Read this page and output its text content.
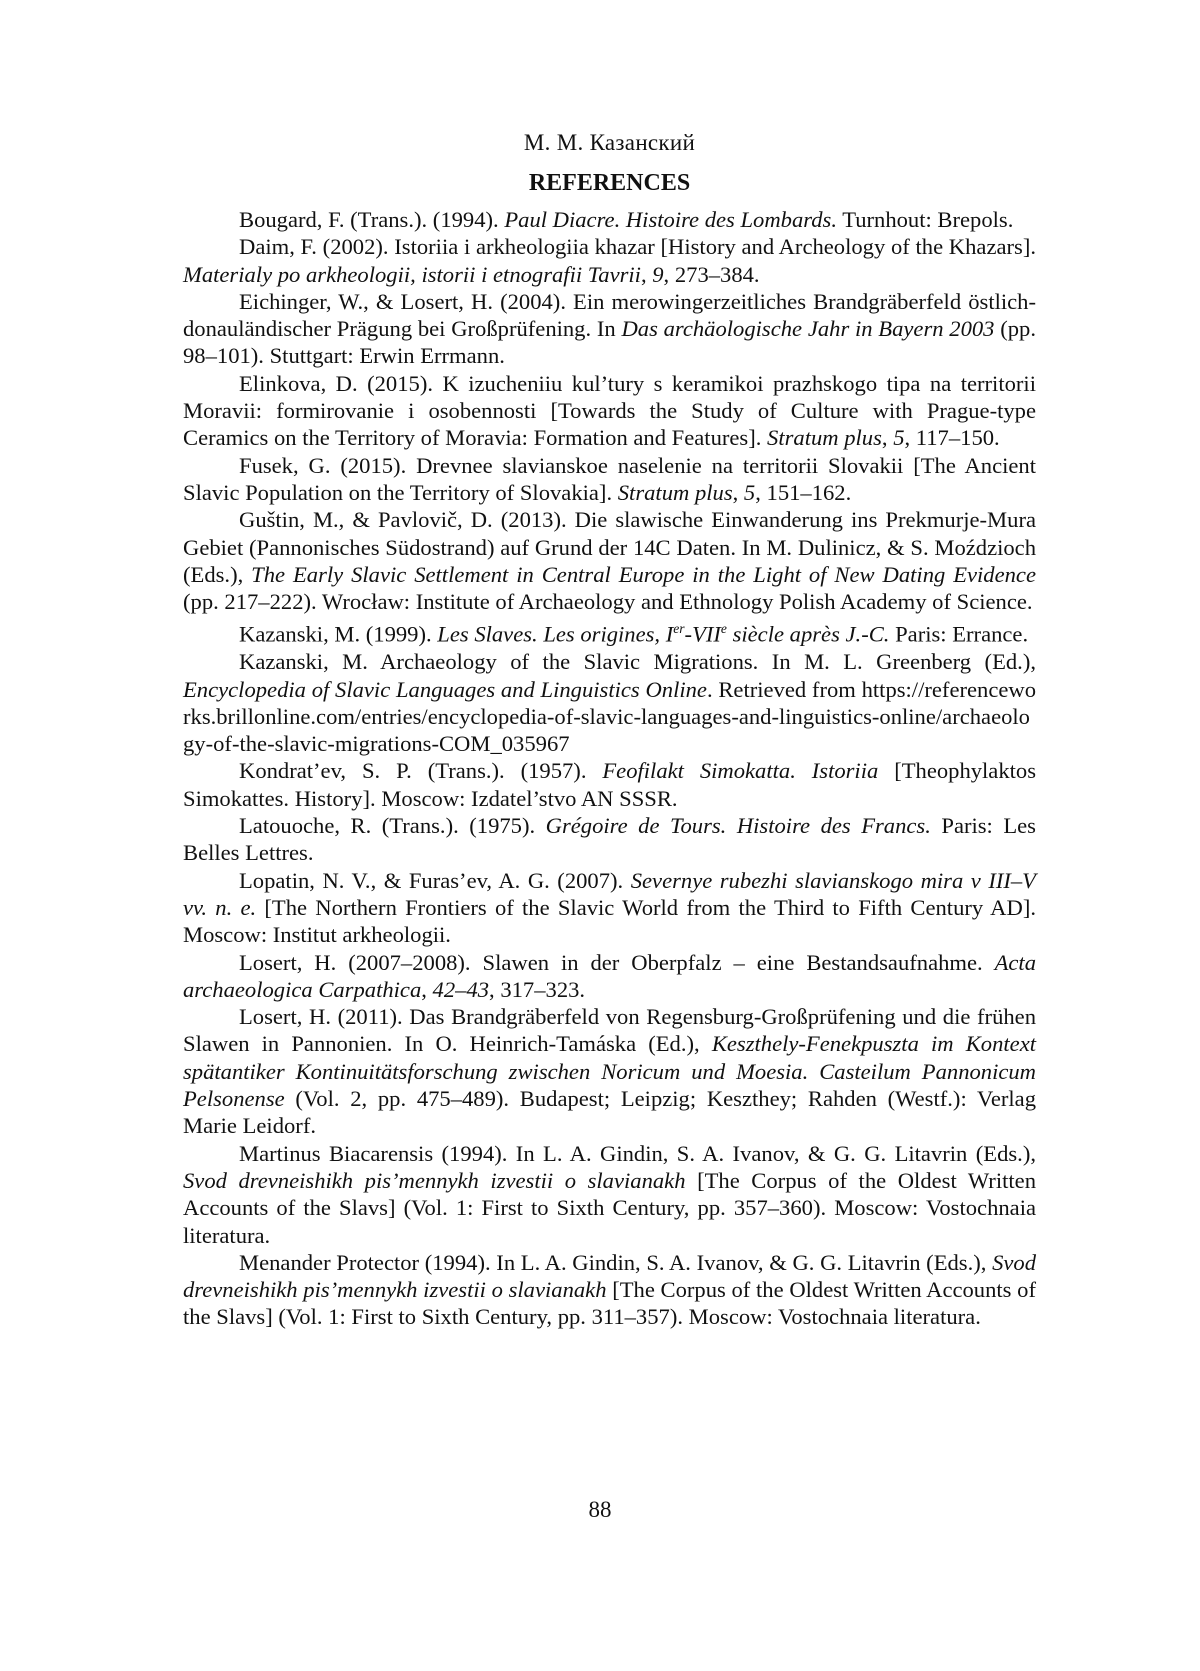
М. М. Казанский
REFERENCES

Bougard, F. (Trans.). (1994). Paul Diacre. Histoire des Lombards. Turnhout: Brepols.

Daim, F. (2002). Istoriia i arkheologiia khazar [History and Archeology of the Khazars]. Materialy po arkheologii, istorii i etnografii Tavrii, 9, 273–384.

Eichinger, W., & Losert, H. (2004). Ein merowingerzeitliches Brandgräberfeld östlich-donauländischer Prägung bei Großprüfening. In Das archäologische Jahr in Bayern 2003 (pp. 98–101). Stuttgart: Erwin Errmann.

Elinkova, D. (2015). K izucheniiu kul’tury s keramikoi prazhskogo tipa na territorii Moravii: formirovanie i osobennosti [Towards the Study of Culture with Prague-type Ceramics on the Territory of Moravia: Formation and Features]. Stratum plus, 5, 117–150.

Fusek, G. (2015). Drevnee slavianskoe naselenie na territorii Slovakii [The Ancient Slavic Population on the Territory of Slovakia]. Stratum plus, 5, 151–162.

Guštin, M., & Pavlovič, D. (2013). Die slawische Einwanderung ins Prekmurje-Mura Gebiet (Pannonisches Südostrand) auf Grund der 14C Daten. In M. Dulinicz, & S. Moździoch (Eds.), The Early Slavic Settlement in Central Europe in the Light of New Dating Evidence (pp. 217–222). Wrocław: Institute of Archaeology and Ethnology Polish Academy of Science.

Kazanski, M. (1999). Les Slaves. Les origines, Ier-VIIe siècle après J.-C. Paris: Errance.

Kazanski, M. Archaeology of the Slavic Migrations. In M. L. Greenberg (Ed.), Encyclopedia of Slavic Languages and Linguistics Online. Retrieved from https://referenceworks.brillonline.com/entries/encyclopedia-of-slavic-languages-and-linguistics-online/archaeology-of-the-slavic-migrations-COM_035967

Kondrat’ev, S. P. (Trans.). (1957). Feofilakt Simokatta. Istoriia [Theophylaktos Simokattes. History]. Moscow: Izdatel’stvo AN SSSR.

Latouoche, R. (Trans.). (1975). Grégoire de Tours. Histoire des Francs. Paris: Les Belles Lettres.

Lopatin, N. V., & Furas’ev, A. G. (2007). Severnye rubezhi slavianskogo mira v III–V vv. n. e. [The Northern Frontiers of the Slavic World from the Third to Fifth Century AD]. Moscow: Institut arkheologii.

Losert, H. (2007–2008). Slawen in der Oberpfalz – eine Bestandsaufnahme. Acta archaeologica Carpathica, 42–43, 317–323.

Losert, H. (2011). Das Brandgräberfeld von Regensburg-Großprüfening und die frühen Slawen in Pannonien. In O. Heinrich-Tamáska (Ed.), Keszthely-Fenekpuszta im Kontext spätantiker Kontinuitätsforschung zwischen Noricum und Moesia. Casteilum Pannonicum Pelsonense (Vol. 2, pp. 475–489). Budapest; Leipzig; Keszthey; Rahden (Westf.): Verlag Marie Leidorf.

Martinus Biacarensis (1994). In L. A. Gindin, S. A. Ivanov, & G. G. Litavrin (Eds.), Svod drevneishikh pis’mennykh izvestii o slavianakh [The Corpus of the Oldest Written Accounts of the Slavs] (Vol. 1: First to Sixth Century, pp. 357–360). Moscow: Vostochnaia literatura.

Menander Protector (1994). In L. A. Gindin, S. A. Ivanov, & G. G. Litavrin (Eds.), Svod drevneishikh pis’mennykh izvestii o slavianakh [The Corpus of the Oldest Written Accounts of the Slavs] (Vol. 1: First to Sixth Century, pp. 311–357). Moscow: Vostochnaia literatura.

88
